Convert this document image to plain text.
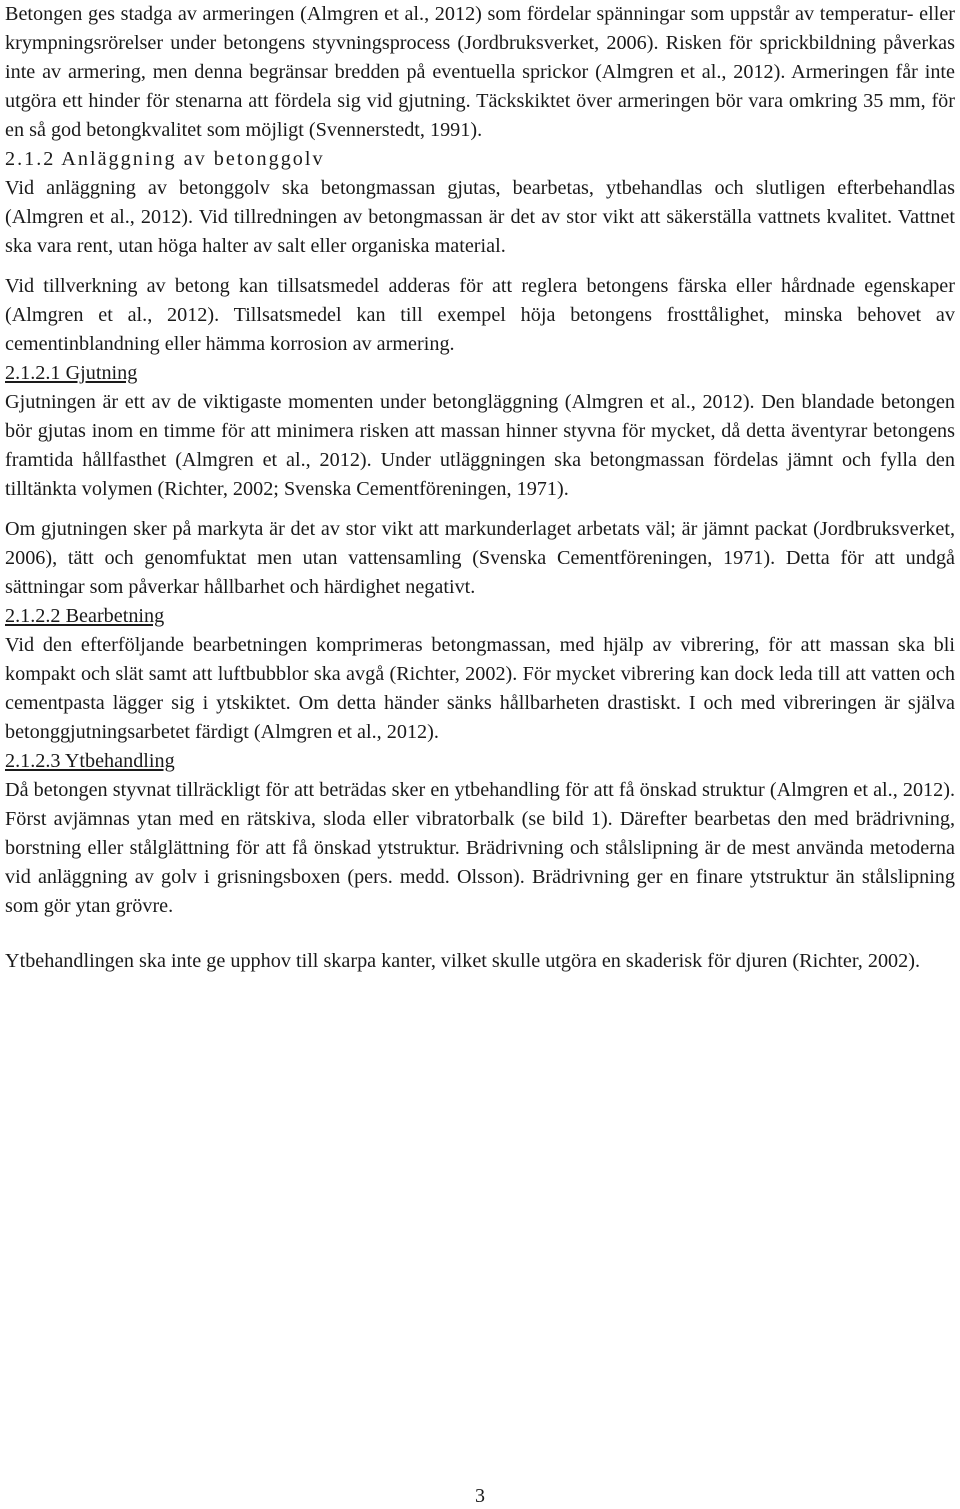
Betongen ges stadga av armeringen (Almgren et al., 2012) som fördelar spänningar som uppstår av temperatur- eller krympningsrörelser under betongens styvningsprocess (Jordbruksverket, 2006). Risken för sprickbildning påverkas inte av armering, men denna begränsar bredden på eventuella sprickor (Almgren et al., 2012). Armeringen får inte utgöra ett hinder för stenarna att fördela sig vid gjutning. Täckskiktet över armeringen bör vara omkring 35 mm, för en så god betongkvalitet som möjligt (Svennerstedt, 1991).

2.1.2 Anläggning av betonggolv

Vid anläggning av betonggolv ska betongmassan gjutas, bearbetas, ytbehandlas och slutligen efterbehandlas (Almgren et al., 2012). Vid tillredningen av betongmassan är det av stor vikt att säkerställa vattnets kvalitet. Vattnet ska vara rent, utan höga halter av salt eller organiska material.

Vid tillverkning av betong kan tillsatsmedel adderas för att reglera betongens färska eller hårdnade egenskaper (Almgren et al., 2012). Tillsatsmedel kan till exempel höja betongens frosttålighet, minska behovet av cementinblandning eller hämma korrosion av armering.

2.1.2.1 Gjutning

Gjutningen är ett av de viktigaste momenten under betongläggning (Almgren et al., 2012). Den blandade betongen bör gjutas inom en timme för att minimera risken att massan hinner styvna för mycket, då detta äventyrar betongens framtida hållfasthet (Almgren et al., 2012). Under utläggningen ska betongmassan fördelas jämnt och fylla den tilltänkta volymen (Richter, 2002; Svenska Cementföreningen, 1971).

Om gjutningen sker på markyta är det av stor vikt att markunderlaget arbetats väl; är jämnt packat (Jordbruksverket, 2006), tätt och genomfuktat men utan vattensamling (Svenska Cementföreningen, 1971). Detta för att undgå sättningar som påverkar hållbarhet och härdighet negativt.

2.1.2.2 Bearbetning

Vid den efterföljande bearbetningen komprimeras betongmassan, med hjälp av vibrering, för att massan ska bli kompakt och slät samt att luftbubblor ska avgå (Richter, 2002). För mycket vibrering kan dock leda till att vatten och cementpasta lägger sig i ytskiktet. Om detta händer sänks hållbarheten drastiskt. I och med vibreringen är själva betonggjutningsarbetet färdigt (Almgren et al., 2012).

2.1.2.3 Ytbehandling

Då betongen styvnat tillräckligt för att beträdas sker en ytbehandling för att få önskad struktur (Almgren et al., 2012). Först avjämnas ytan med en rätskiva, sloda eller vibratorbalk (se bild 1). Därefter bearbetas den med brädrivning, borstning eller stålglättning för att få önskad ytstruktur. Brädrivning och stålslipning är de mest använda metoderna vid anläggning av golv i grisningsboxen (pers. medd. Olsson). Brädrivning ger en finare ytstruktur än stålslipning som gör ytan grövre.

Ytbehandlingen ska inte ge upphov till skarpa kanter, vilket skulle utgöra en skaderisk för djuren (Richter, 2002).

3
